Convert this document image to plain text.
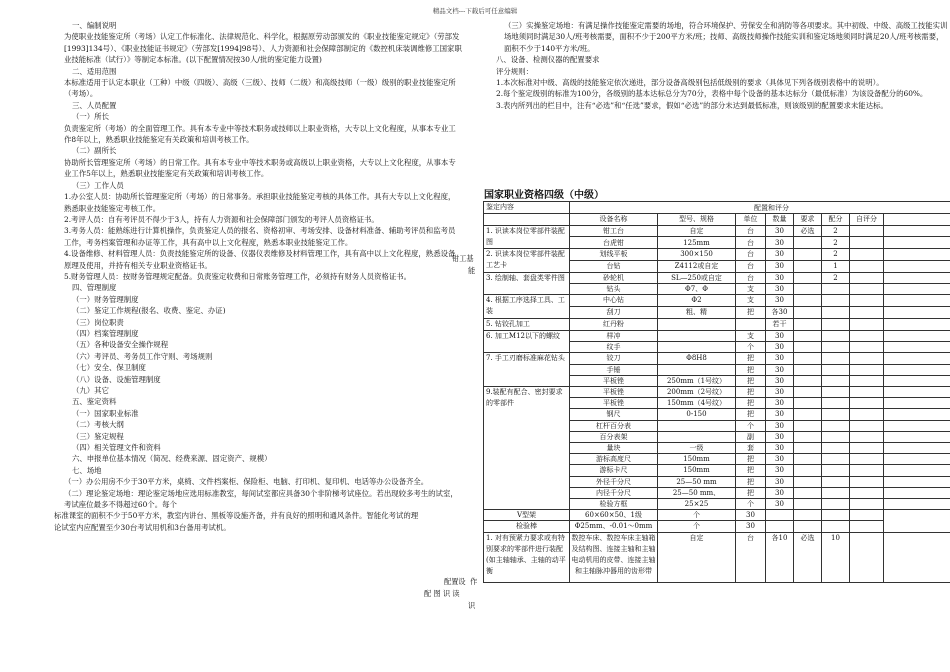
精品文档---下载后可任意编辑

一、编制说明

为使职业技能鉴定所（考场）认定工作标准化、法律规范化、科学化，根据原劳动部颁发的《职业技能鉴定规定》（劳部发[1993]134号）、《职业技能证书规定》（劳部发[1994]98号）、人力资源和社会保障部制定的《数控机床装调维修工国家职业技能标准（试行）》等制定本标准。(以下配置情况按30人/批的鉴定能力设置)

二、适用范围

本标准适用于认定本职业（工种）中级（四级）、高级（三级）、技师（二级）和高级技师（一级）级别的职业技能鉴定所（考场）。

三、人员配置

（一）所长

负责鉴定所（考场）的全面管理工作。具有本专业中等技术职务或技师以上职业资格，大专以上文化程度，从事本专业工作8年以上，熟悉职业技能鉴定有关政策和培训考核工作。

（二）副所长

协助所长管理鉴定所（考场）的日常工作。具有本专业中等技术职务或高级以上职业资格，大专以上文化程度，从事本专业工作5年以上，熟悉职业技能鉴定有关政策和培训考核工作。

（三）工作人员

1.办公室人员：协助所长管理鉴定所（考场）的日常事务。承担职业技能鉴定考核的具体工作。具有大专以上文化程度，熟悉职业技能鉴定考核工作。

2.考评人员：自有考评员不得少于3人，持有人力资源和社会保障部门颁发的考评人员资格证书。

3.考务人员：能熟练进行计算机操作，负责鉴定人员的报名、资格初审、考场安排、设备材料准备、辅助考评员和监考员工作，考务档案管理和办证等工作，具有高中以上文化程度，熟悉本职业技能鉴定工作。

4.设备维修、材料管理人员：负责技能鉴定所的设备、仪器仪表维修及材料管理工作，具有高中以上文化程度，熟悉设备原理及使用，并持有相关专业职业资格证书。

5.财务管理人员：按财务管理规定配备。负责鉴定收费和日常账务管理工作，必须持有财务人员资格证书。

四、管理制度

（一）财务管理制度

（二）鉴定工作规程(报名、收费、鉴定、办证)

（三）岗位职责

（四）档案管理制度

（五）各种设备安全操作规程

（六）考评员、考务员工作守则、考场规则

（七）安全、保卫制度

（八）设备、设施管理制度

（九）其它

五、鉴定资料

（一）国家职业标准

（二）考核大纲

（三）鉴定规程

（四）相关管理文件和资料

六、申报单位基本情况（简况、经费来源、固定资产、规模）

七、场地

（一）办公用房不少于30平方米，桌椅、文件档案柜、保险柜、电脑、打印机、复印机、电话等办公设备齐全。

（二）理论鉴定场地：理论鉴定场地应选用标准教室，每间试室都应具备30个非阶梯考试座位。若出现较多考生的试室，考试座位最多不得超过60个。每个

标准课室的面积不少于50平方米，教室内讲台、黑板等设施齐备，并有良好的照明和通风条件。智能化考试的理

论试室内应配置至少30台考试用机和3台备用考试机。

钳工基
能
配置设 作
配 图 识 读
识

（三）实操鉴定场地：有满足操作技能鉴定需要的场地，符合环境保护、劳保安全和消防等各项要求。其中初级、中级、高级工技能实训场地须同时满足30人/班考核需要，面积不少于200平方米/班；技师、高级技师操作技能实训和鉴定场地须同时满足20人/班考核需要，面积不少于140平方米/班。

八、设备、检测仪器的配置要求

评分规则：

1.本次标准对中级、高级的技能鉴定依次递进，部分设备高级别包括低级别的要求（具体见下列各级别表格中的说明）。

2.每个鉴定级别的标准为100分，各级别的基本达标总分为70分，表格中每个设备的基本达标分（最低标准）为该设备配分的60%。

3.表内所列出的栏目中，注有“必选”和“任选”要求，假如“必选”的部分未达到最低标准，则该级别的配置要求未能达标。

国家职业资格四级（中级）
鉴定内容	配置和评分							
	设备名称	型号、规格	单位	数量	要求	配分	自评分	
1. 识读本岗位零部件装配图	钳工台	自定	台	30	必选	2		
	台虎钳	125mm	台	30		2		
2. 识读本岗位零部件装配工艺卡	划线平板	300×150	台	30		2		
	台钻	Z4112或自定	台	30		1		
3. 绘制轴、套盘类零件图	砂轮机	SL—250或自定	台	30		2		
	钻头	Φ7、Φ	支	30				
4. 根据工序选择工具、工装	中心钻	Φ2	支	30				
	刮刀	粗、精	把	各30				
5. 钻铰孔加工	红丹粉			若干				
6. 加工M12以下的螺纹	样冲		支	30				
	纹手		个	30				
7. 手工刃磨标准麻花钻头	铰刀	Φ8H8	把	30				
	手锤		把	30				
	平板锉	250mm（1号纹）	把	30				
9.装配有配合、密封要求的零部件	平板锉	200mm（2号纹）	把	30				
	平板锉	150mm（4号纹）	把	30				
	钢尺	0-150	把	30				
	杠杆百分表		个	30				
	百分表架		副	30				
	量块	一级	套	30				
	游标高度尺	150mm	把	30				
	游标卡尺	150mm	把	30				
	外径千分尺	25—50 mm	把	30				
	内径千分尺	25—50 mm、	把	30				
	检验方框	25×25	个	30				
V型架	60×60×50、1级	个	30					
检验棒	Φ25mm、-0.01～0mm	个	30					
1. 对有预紧力要求或有特别要求的零部件进行装配(如主轴轴承、主轴的动平衡	数控车床、数控车床主轴箱及结构图、连接主轴和主轴电动机用的皮带、连接主轴和主轴脉冲器用的齿形带	自定	台	各10	必选	10		
